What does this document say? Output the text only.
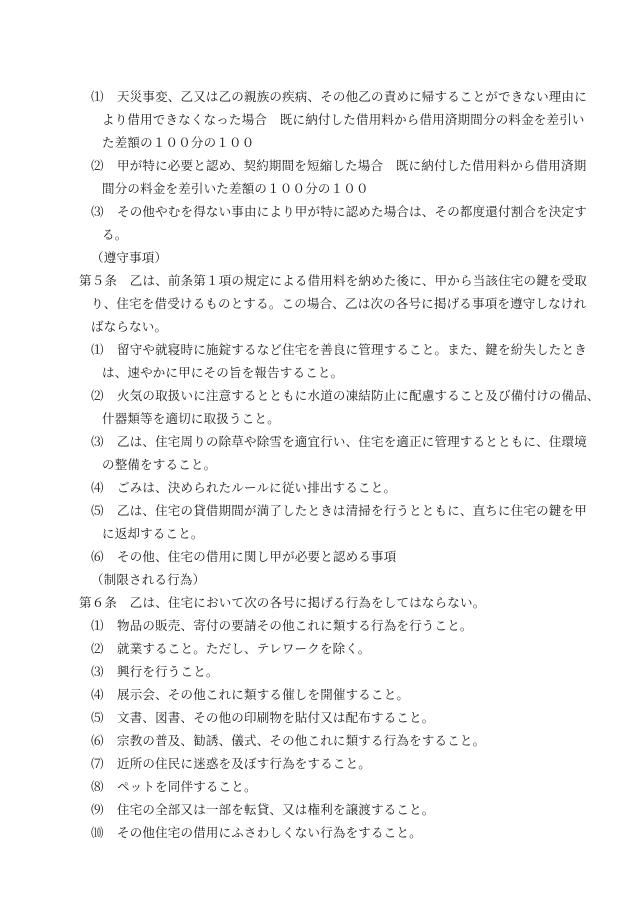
⑴ 天災事変、乙又は乙の親族の疾病、その他乙の責めに帰することができない理由に
より借用できなくなった場合　既に納付した借用料から借用済期間分の料金を差引い
た差額の１００分の１００
⑵ 甲が特に必要と認め、契約期間を短縮した場合　既に納付した借用料から借用済期
間分の料金を差引いた差額の１００分の１００
⑶ その他やむを得ない事由により甲が特に認めた場合は、その都度還付割合を決定す
る。
（遵守事項）
第５条　乙は、前条第１項の規定による借用料を納めた後に、甲から当該住宅の鍵を受取
り、住宅を借受けるものとする。この場合、乙は次の各号に掲げる事項を遵守しなけれ
ばならない。
⑴ 留守や就寝時に施錠するなど住宅を善良に管理すること。また、鍵を紛失したとき
は、速やかに甲にその旨を報告すること。
⑵ 火気の取扱いに注意するとともに水道の凍結防止に配慮すること及び備付けの備品、
什器類等を適切に取扱うこと。
⑶ 乙は、住宅周りの除草や除雪を適宜行い、住宅を適正に管理するとともに、住環境
の整備をすること。
⑷ ごみは、決められたルールに従い排出すること。
⑸ 乙は、住宅の貸借期間が満了したときは清掃を行うとともに、直ちに住宅の鍵を甲
に返却すること。
⑹ その他、住宅の借用に関し甲が必要と認める事項
（制限される行為）
第６条　乙は、住宅において次の各号に掲げる行為をしてはならない。
⑴ 物品の販売、寄付の要請その他これに類する行為を行うこと。
⑵ 就業すること。ただし、テレワークを除く。
⑶ 興行を行うこと。
⑷ 展示会、その他これに類する催しを開催すること。
⑸ 文書、図書、その他の印刷物を貼付又は配布すること。
⑹ 宗教の普及、勧誘、儀式、その他これに類する行為をすること。
⑺ 近所の住民に迷惑を及ぼす行為をすること。
⑻ ペットを同伴すること。
⑼ 住宅の全部又は一部を転貸、又は権利を譲渡すること。
⑽ その他住宅の借用にふさわしくない行為をすること。
